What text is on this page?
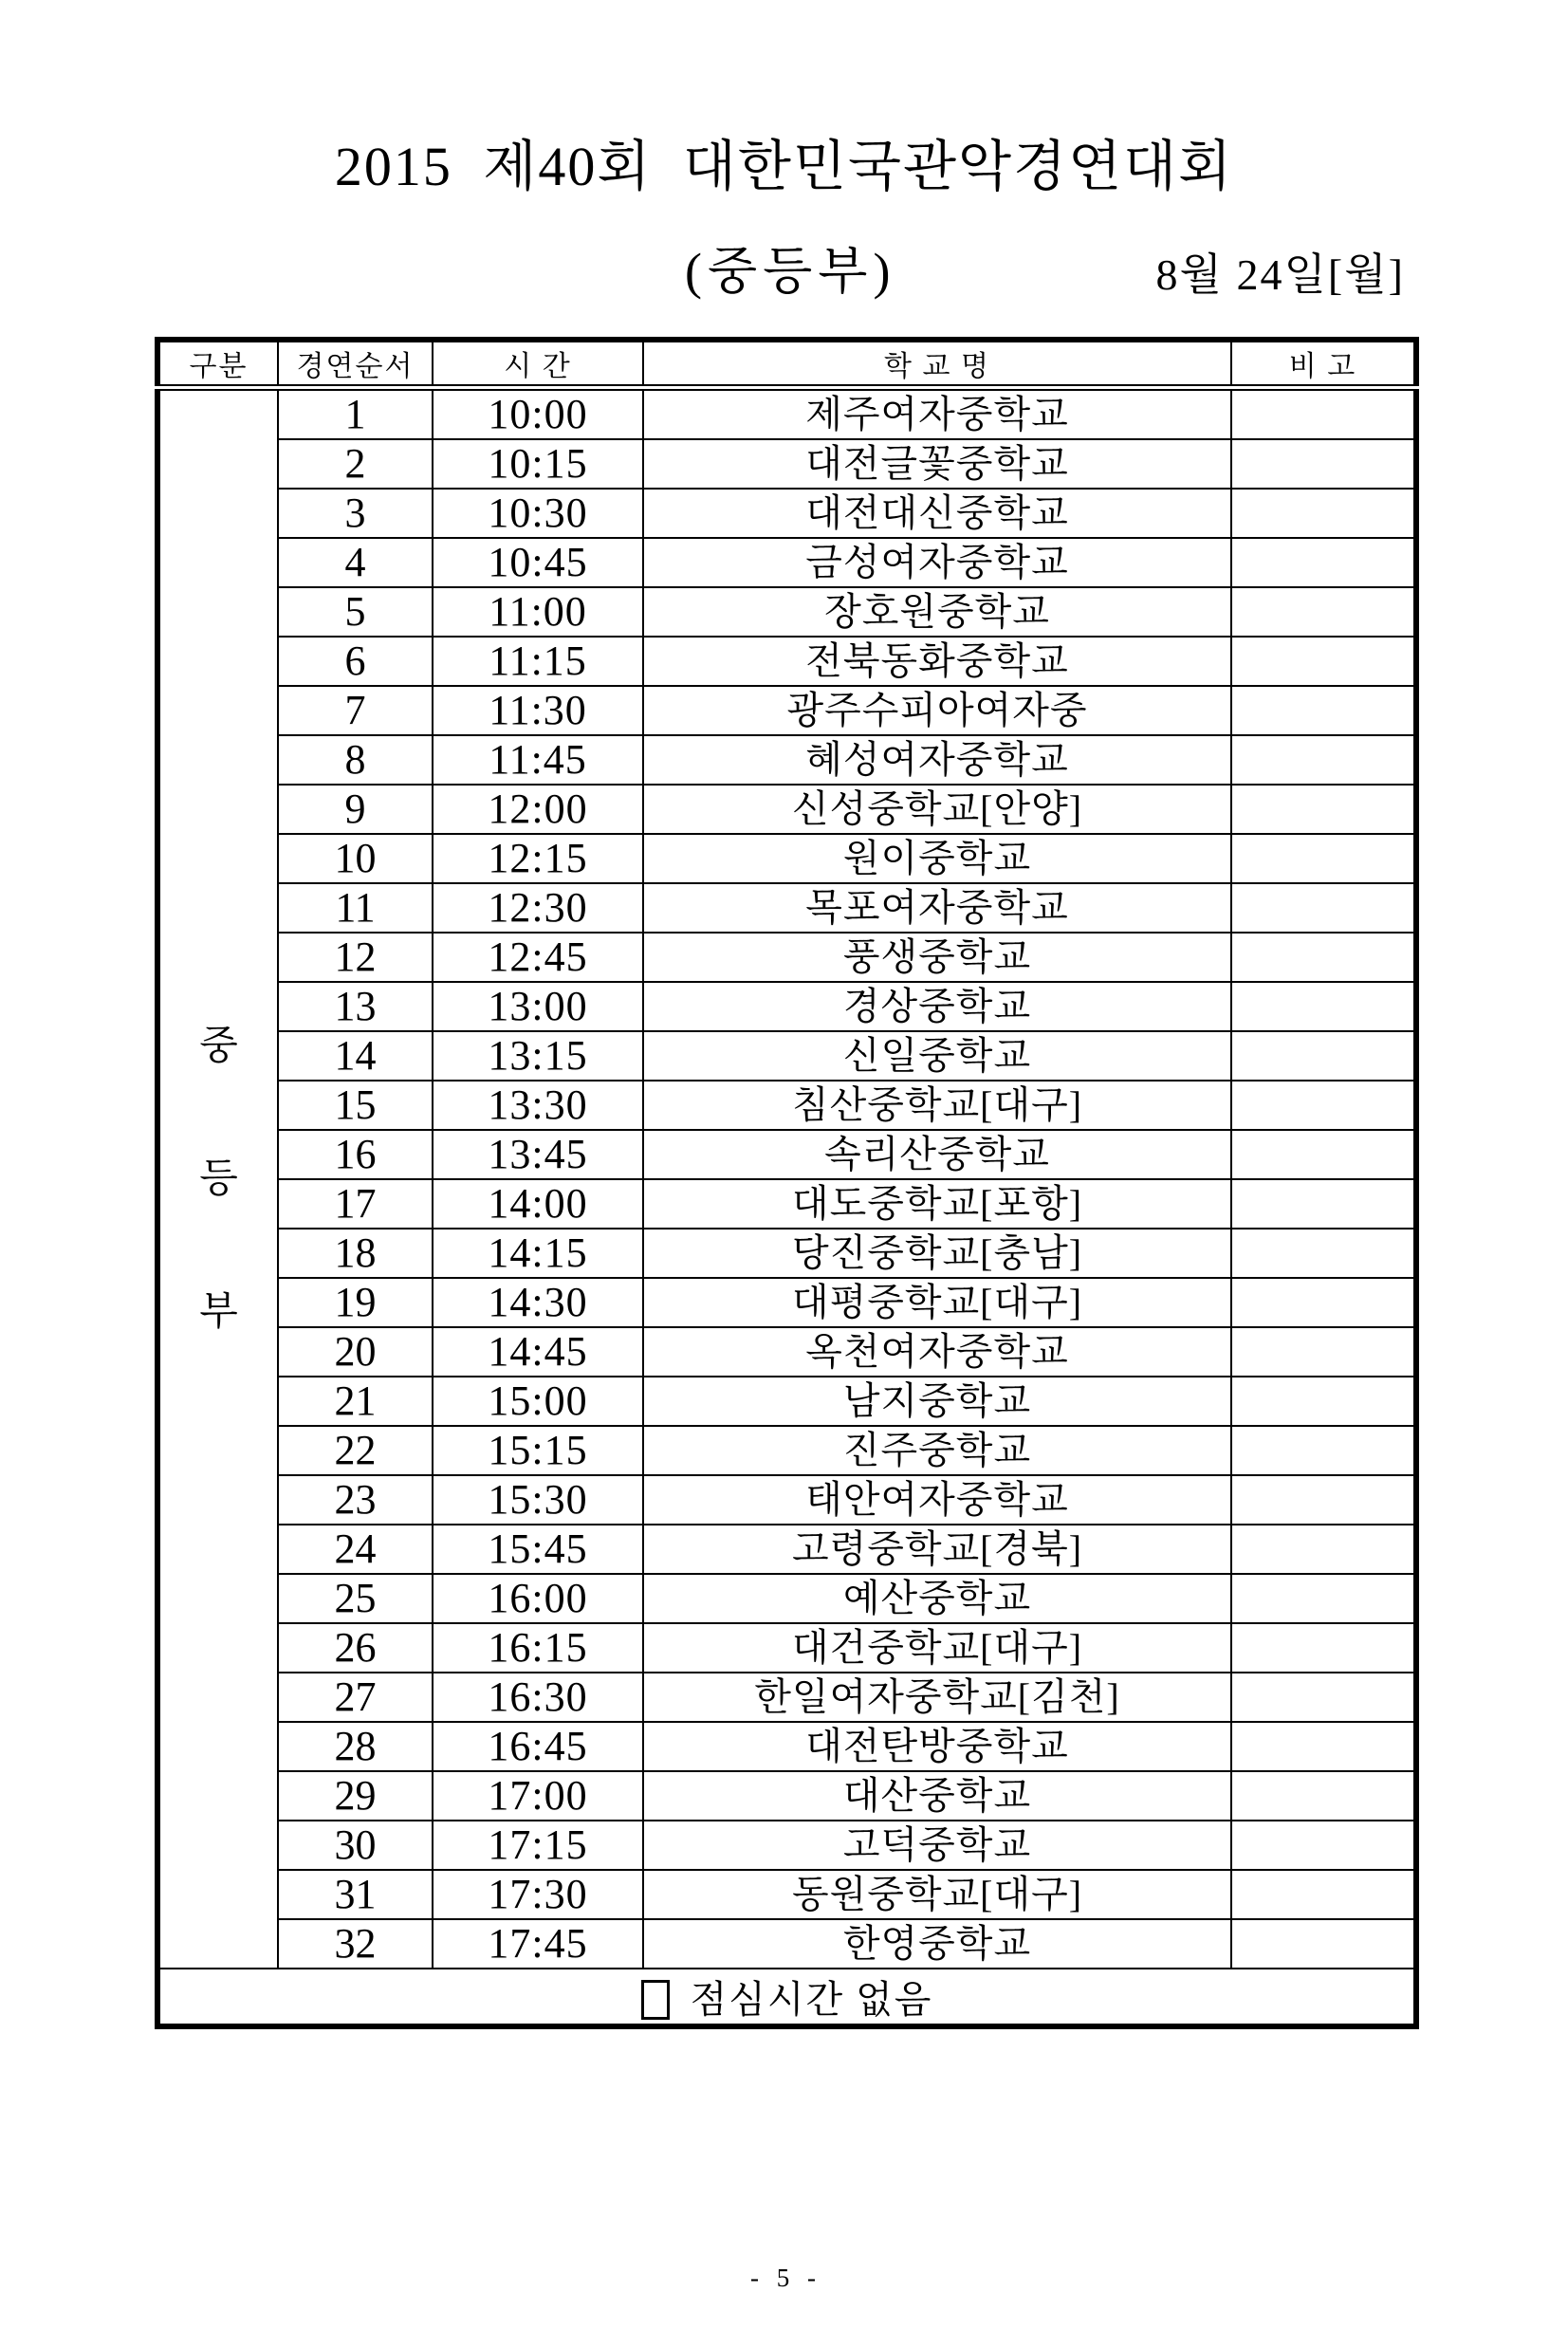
2015 제40회 대한민국관악경연대회
(중등부)	8월 24일[월]
구분	경연순서	시 간	학 교 명	비 고

중
등
부	1	10:00	제주여자중학교	
	2	10:15	대전글꽃중학교	
	3	10:30	대전대신중학교	
	4	10:45	금성여자중학교	
	5	11:00	장호원중학교	
	6	11:15	전북동화중학교	
	7	11:30	광주수피아여자중	
	8	11:45	혜성여자중학교	
	9	12:00	신성중학교[안양]	
	10	12:15	원이중학교	
	11	12:30	목포여자중학교	
	12	12:45	풍생중학교	
	13	13:00	경상중학교	
	14	13:15	신일중학교	
	15	13:30	침산중학교[대구]	
	16	13:45	속리산중학교	
	17	14:00	대도중학교[포항]	
	18	14:15	당진중학교[충남]	
	19	14:30	대평중학교[대구]	
	20	14:45	옥천여자중학교	
	21	15:00	남지중학교	
	22	15:15	진주중학교	
	23	15:30	태안여자중학교	
	24	15:45	고령중학교[경북]	
	25	16:00	예산중학교	
	26	16:15	대건중학교[대구]	
	27	16:30	한일여자중학교[김천]	
	28	16:45	대전탄방중학교	
	29	17:00	대산중학교	
	30	17:15	고덕중학교	
	31	17:30	동원중학교[대구]	
	32	17:45	한영중학교	
점심시간 없음				
- 5 -
